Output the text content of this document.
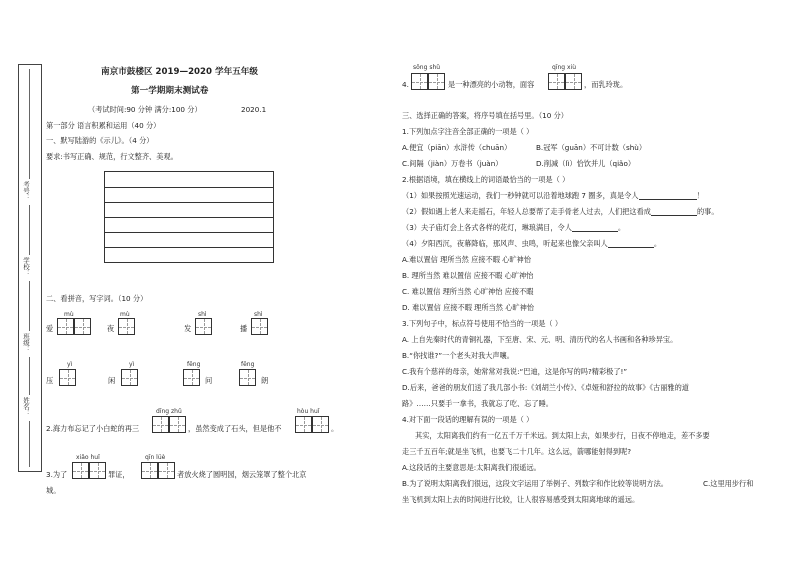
考号：
学校：
班级：
姓名：
南京市鼓楼区 2019—2020 学年五年级
第一学期期末测试卷
（考试时间:90 分钟 满分:100 分）	2020.1
第一部分 语言积累和运用（40 分）
一、默写陆游的《示儿》。（4 分）
要求:书写正确、规范，行文整齐、美观。
二、看拼音，写字词。（10 分）
mù
爱
mù
夜
shì
发
shì
播
yì
压
yì
闲
fěng
问
fěng
朗
dīng zhǔ
2.海力布忘记了小白蛇的再三	，虽然变成了石头，但是他不
hòu huǐ
。
xiǎo huǐ
3.为了	罪证，
qīn lüè
者放火烧了圆明园，烟云笼罩了整个北京
城。
sōng shǔ
4.	是一种漂亮的小动物，面容
qīng xiù
，而乳玲珑。
三、选择正确的答案，将序号填在括号里。（10 分）
1.下列加点字注音全部正确的一项是（ ）
A.便宜（piān）水浒传（chuān）	B.冠军（guān）不可计数（shù）
C.间隔（jiàn）万卷书（juàn）	D.削减（lì）恰饮并儿（qiǎo）
2.根据语境，填在横线上的词语最恰当的一项是（ ）
（1）如果按照光速运动，我们一秒钟就可以沿着地球跑 7 圈多，真是令人	！
（2）假如遇上老人来走摇石，年轻人总要帮了走手骨老人过去，人们把这看成	的事。
（3）夫子庙灯会上各式各样的花灯，琳琅满目，令人	。
（4）夕阳西沉，夜幕降临，那风声、虫鸣，听起来也像父亲叫人	。
A.难以置信 理所当然 应接不暇 心旷神怡
B. 理所当然 难以置信 应接不暇 心旷神怡
C. 难以置信 理所当然 心旷神怡 应接不暇
D. 难以置信 应接不暇 理所当然 心旷神怡
3.下列句子中，标点符号使用不恰当的一项是（ ）
A. 上自先秦时代的青铜礼器，下至唐、宋、元、明、清历代的名人书画和各种珍异宝。
B.“你找谁?”一个老头对我大声嚷。
C.我有个慈祥的母亲，她常常对我说:“巴迪，这是你写的吗?精彩极了!”
D.后来，爸爸的朋友们送了我几部小书:《刘胡兰小传》、《卓娅和舒拉的故事》《古丽雅的道
路》……只要手一拿书，我就忘了吃、忘了睡。
4.对下面一段话的理解有误的一项是（ ）
其实，太阳离我们约有一亿五千万千米远。到太阳上去，如果步行，日夜不停地走，差不多要
走三千五百年;就是坐飞机，也要飞二十几年。这么远，箭哪能射得到呢?
A.这段话的主要意思是:太阳离我们很遥远。
B.为了说明太阳离我们很远，这段文字运用了举例子、列数字和作比较等说明方法。	C.这里用步行和
坐飞机到太阳上去的时间进行比较，让人很容易感受到太阳离地球的遥远。
